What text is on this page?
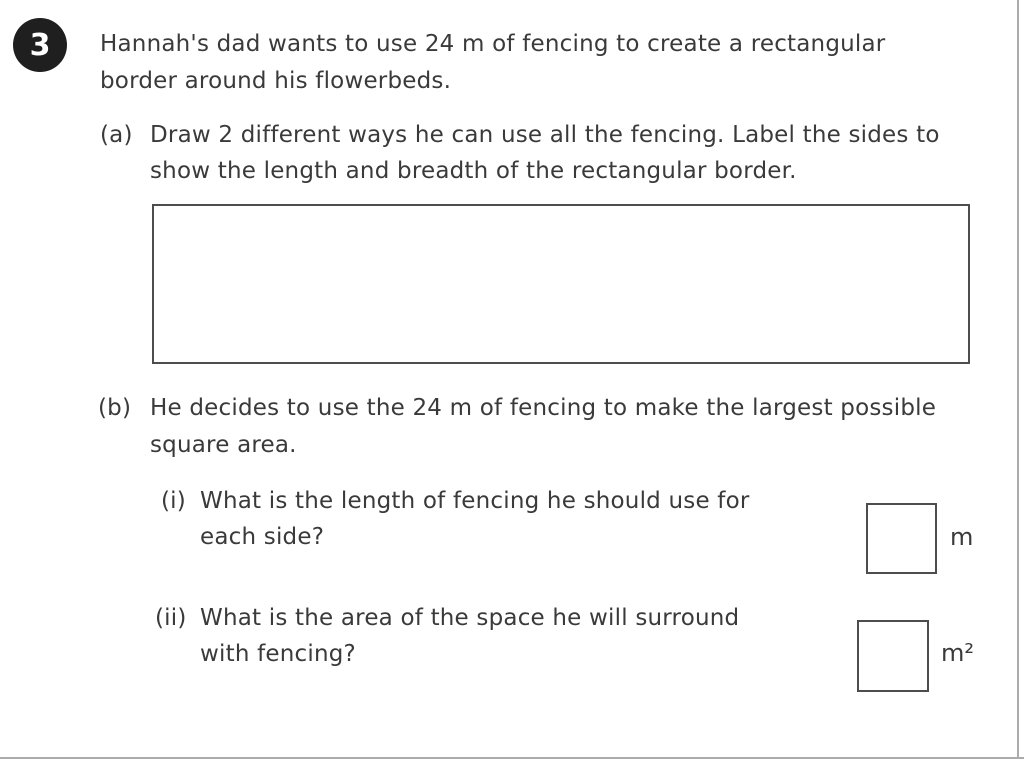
3 Hannah's dad wants to use 24 m of fencing to create a rectangular
border around his flowerbeds.
(a) Draw 2 different ways he can use all the fencing. Label the sides to
show the length and breadth of the rectangular border.
(b) He decides to use the 24 m of fencing to make the largest possible
square area.
(i) What is the length of fencing he should use for
each side?	m
(ii) What is the area of the space he will surround
with fencing?	m²
